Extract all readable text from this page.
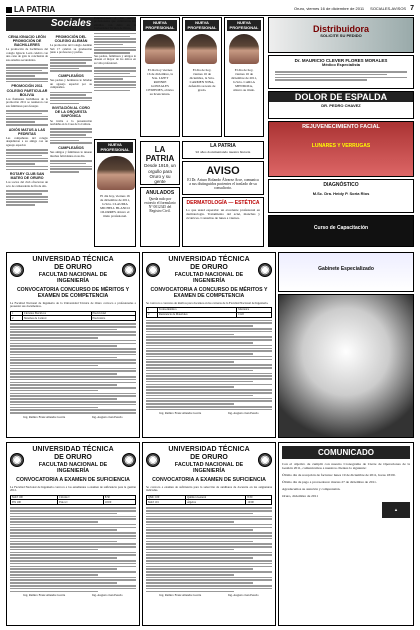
LA PATRIA	Oruro, viernes 16 de diciembre de 2011	SOCIALES-AVISOS 7
Sociales
CENA IGNACIO LEÓN PROMOCIÓN DE BACHILLERES

La promoción de bachilleres del colegio Ignacio León celebró con una cena de gala la conclusión de sus estudios secundarios.

PROMOCIÓN 2011 COLEGIO PARTICULAR BOLIVIA

Los flamantes bachilleres de la promoción 2011 se reunieron con sus familiares para festejar.

ADIÓS MATUS A LAS PEDRITAS

Las compañeras del colegio despidieron a su amiga con un agasajo especial.

ROTARY CLUB SAN MATEO DE ORURO

Los socios del club ofrecieron un acto de camaradería de fin de año.

PROMOCIÓN DEL COLEGIO ALEMÁN

La promoción del Colegio Alemán Sub 17 celebró su graduación junto a profesores y padres.

CUMPLEAÑOS

Sus padres y hermanos le brindan un agasajo especial por su cumpleaños.

INVITACIÓN AL CORO DE LA ORQUESTA SINFÓNICA

Se invita a la presentación navideña en la Casa de la Cultura.

CUMPLEAÑOS

Sus amigos y familiares le desean muchas felicidades en su día.

Felicitaciones a los nuevos profesionales que culminaron sus estudios con éxito en la Universidad Técnica de Oruro.

Sus padres, familiares y amigos le desean el mayor de los éxitos en su vida profesional.

NUEVA PROFESIONAL
El día hoy, viernes 16 de diciembre de 2011, la Srta. CLAUDIA MICHELL BLANCO OLORRES obtuvo el título profesional.
NUEVA PROFESIONAL
El día hoy viernes 16 de diciembre, la Srta. LIZET RONNIE GONZALES CESPEDES, obtuvo su licenciatura.
NUEVA PROFESIONAL
El día de hoy, viernes 16 de diciembre, la Srta. CARMEN NINA, defendió su tesis de grado.
NUEVA PROFESIONAL
El día de hoy, viernes 16 de diciembre de 2011, la Srta. CARLA MENDOZA, obtuvo su título.
LA PATRIA
Desde 1919, un orgullo para Oruro y su gente
ANULADOS

Queda nulo por extravío el formulario N° 0012345 del Registro Civil.

LA PATRIA
92 años documentando nuestra historia
AVISO

El Dr. Arturo Rolando Álvarez Arce, comunica a sus distinguidos pacientes el traslado de su consultorio.

DERMATOLOGÍA — ESTÉTICA

Lo que usted esperaba: un excelente profesional en dermatología. Tratamiento del acné, manchas y cicatrices. Consultas de lunes a viernes.

Distribuidora
SOLICITE SU PEDIDO
Dr. MAURICIO CLEVER FLORES MORALES
Médico Especialista
DOLOR DE ESPALDA
DR. PEDRO CHAVEZ
REJUVENECIMIENTO FACIAL
LUNARES Y VERRUGAS
DIAGNÓSTICO
M.Sc. Dra. Heidy P. Soria Rios
Curso de Capacitación
UNIVERSIDAD TÉCNICA DE ORURO
FACULTAD NACIONAL DE INGENIERÍA
CONVOCATORIA CONCURSO DE MÉRITOS Y EXAMEN DE COMPETENCIA

La Facultad Nacional de Ingeniería de la Universidad Técnica de Oruro convoca a profesionales a presentar sus documentos.

1	Circuitos Eléctricos	Electricidad
2	Sistemas de Control	Electrónica
Ing. Ramiro Franz Aliendre García	Ing. Augusto Jaen Peredo
UNIVERSIDAD TÉCNICA DE ORURO
FACULTAD NACIONAL DE INGENIERÍA
CONVOCATORIA A CONCURSO DE MÉRITOS Y EXAMEN DE COMPETENCIA

Se convoca a concurso de méritos para docentes en las carreras de la Facultad Nacional de Ingeniería.

1	Termodinámica	Mecánica
2	Resistencia de Materiales	Civil
Ing. Ramiro Franz Aliendre García	Ing. Augusto Jaen Peredo
Gabinete Especializado
UNIVERSIDAD TÉCNICA DE ORURO
FACULTAD NACIONAL DE INGENIERÍA
CONVOCATORIA A EXAMEN DE SUFICIENCIA

La Facultad Nacional de Ingeniería convoca a los estudiantes a examen de suficiencia para la gestión 2012.

MAT 100	Cálculo I	8:30
FIS 100	Física I	10:00
Ing. Ramiro Franz Aliendre García	Ing. Augusto Jaen Peredo
UNIVERSIDAD TÉCNICA DE ORURO
FACULTAD NACIONAL DE INGENIERÍA
CONVOCATORIA A EXAMEN DE SUFICIENCIA

Se convoca a examen de suficiencia para la selección de auxiliares de docencia en las asignaturas indicadas.

QMC 100	Química General	8:30
MAT 101	Álgebra	10:00
Ing. Ramiro Franz Aliendre García	Ing. Augusto Jaen Peredo
COMUNICADO

Con el objetivo de cumplir con nuestro Cronograma de Cierre de Operaciones de la Gestión 2011, comunicamos a nuestros clientes lo siguiente:

Último día de recepción de facturas: lunes 19 de diciembre de 2011, horas 18:00.

Último día de pago a proveedores: martes 27 de diciembre de 2011.

Agradecemos su atención y comprensión.

Oruro, diciembre de 2011

▲
